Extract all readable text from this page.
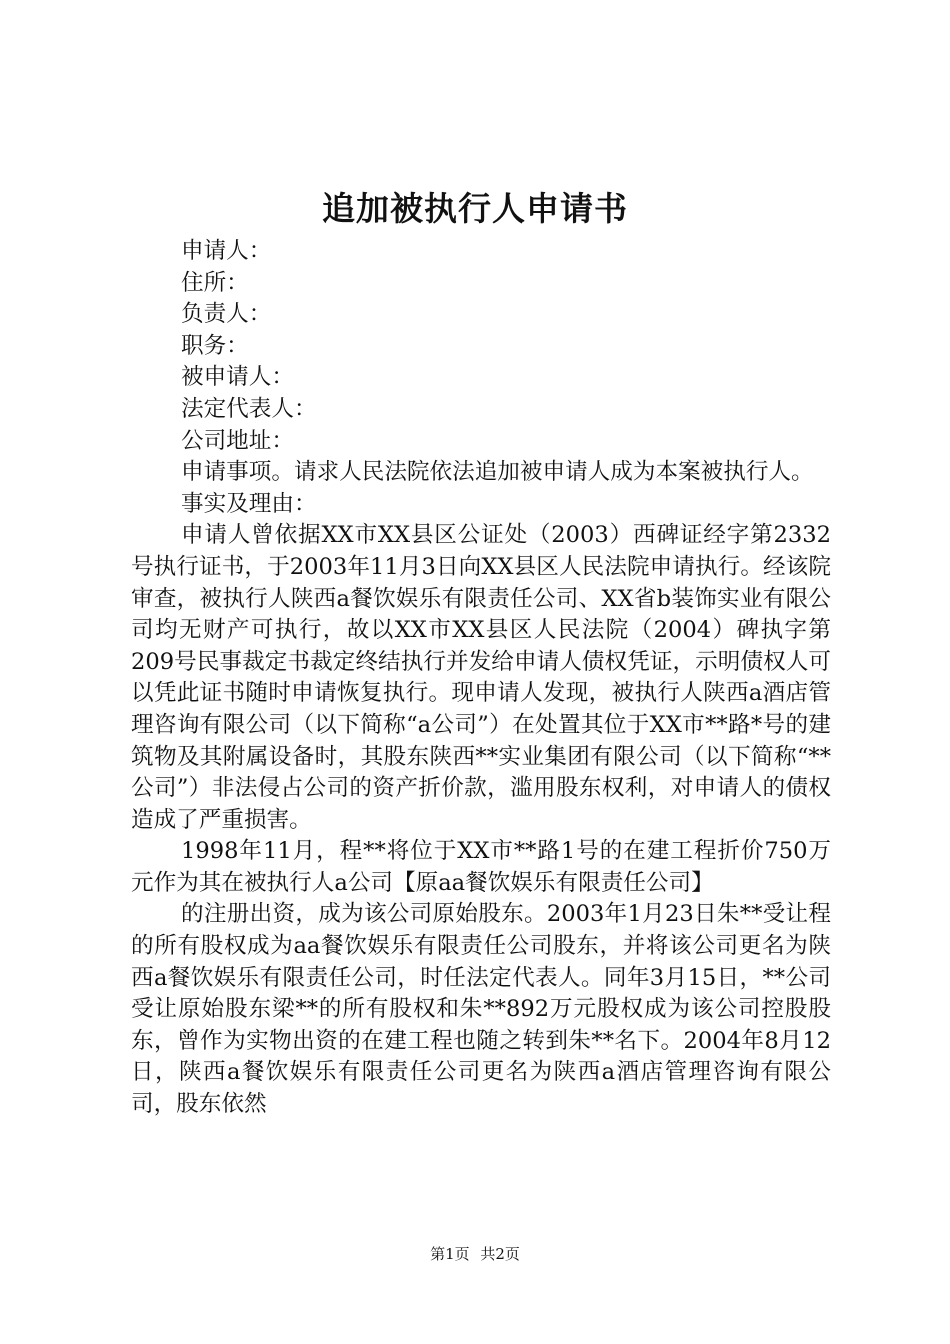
追加被执行人申请书

申请人：

住所：

负责人：

职务：

被申请人：

法定代表人：

公司地址：

申请事项。请求人民法院依法追加被申请人成为本案被执行人。

事实及理由：

申请人曾依据XX市XX县区公证处（2003）西碑证经字第2332号执行证书，于2003年11月3日向XX县区人民法院申请执行。经该院审查，被执行人陕西a餐饮娱乐有限责任公司、XX省b装饰实业有限公司均无财产可执行，故以XX市XX县区人民法院（2004）碑执字第209号民事裁定书裁定终结执行并发给申请人债权凭证，示明债权人可以凭此证书随时申请恢复执行。现申请人发现，被执行人陕西a酒店管理咨询有限公司（以下简称“a公司”）在处置其位于XX市**路*号的建筑物及其附属设备时，其股东陕西**实业集团有限公司（以下简称“**公司”）非法侵占公司的资产折价款，滥用股东权利，对申请人的债权造成了严重损害。

1998年11月，程**将位于XX市**路1号的在建工程折价750万元作为其在被执行人a公司【原aa餐饮娱乐有限责任公司】

的注册出资，成为该公司原始股东。2003年1月23日朱**受让程的所有股权成为aa餐饮娱乐有限责任公司股东，并将该公司更名为陕西a餐饮娱乐有限责任公司，时任法定代表人。同年3月15日，**公司受让原始股东梁**的所有股权和朱**892万元股权成为该公司控股股东，曾作为实物出资的在建工程也随之转到朱**名下。2004年8月12日，陕西a餐饮娱乐有限责任公司更名为陕西a酒店管理咨询有限公司，股东依然

第1页 共2页
